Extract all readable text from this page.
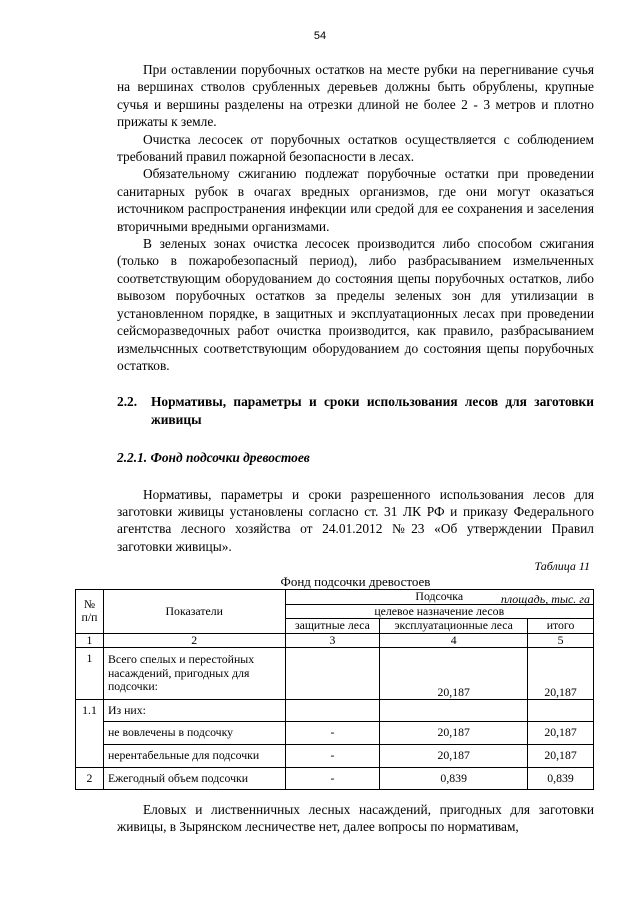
54

При оставлении порубочных остатков на месте рубки на перегнивание сучья на вершинах стволов срубленных деревьев должны быть обрублены, крупные сучья и вершины разделены на отрезки длиной не более 2 - 3 метров и плотно прижаты к земле.

Очистка лесосек от порубочных остатков осуществляется с соблюдением требований правил пожарной безопасности в лесах.

Обязательному сжиганию подлежат порубочные остатки при проведении санитарных рубок в очагах вредных организмов, где они могут оказаться источником распространения инфекции или средой для ее сохранения и заселения вторичными вредными организмами.

В зеленых зонах очистка лесосек производится либо способом сжигания (только в пожаробезопасный период), либо разбрасыванием измельченных соответствующим оборудованием до состояния щепы порубочных остатков, либо вывозом порубочных остатков за пределы зеленых зон для утилизации в установленном порядке, в защитных и эксплуатационных лесах при проведении сейсморазведочных работ очистка производится, как правило, разбрасыванием измельчснных соответствующим оборудованием до состояния щепы порубочных остатков.

2.2.	Нормативы, параметры и сроки использования лесов для заготовки живицы
2.2.1. Фонд подсочки древостоев

Нормативы, параметры и сроки разрешенного использования лесов для заготовки живицы установлены согласно ст. 31 ЛК РФ и приказу Федерального агентства лесного хозяйства от 24.01.2012 №23 «Об утверждении Правил заготовки живицы».

Таблица 11
Фонд подсочки древостоев
площадь, тыс. га
№ п/п	Показатели	Подсочка		
		целевое назначение лесов		
		защитные леса	эксплуатационные леса	итого
1	2	3	4	5
1	Всего спелых и перестойных насаждений, пригодных для подсочки:		20,187	20,187
1.1	Из них:			
	не вовлечены в подсочку	-	20,187	20,187
	нерентабельные для подсочки	-	20,187	20,187
2	Ежегодный объем подсочки	-	0,839	0,839

Еловых и лиственничных лесных насаждений, пригодных для заготовки живицы, в Зырянском лесничестве нет, далее вопросы по нормативам,
